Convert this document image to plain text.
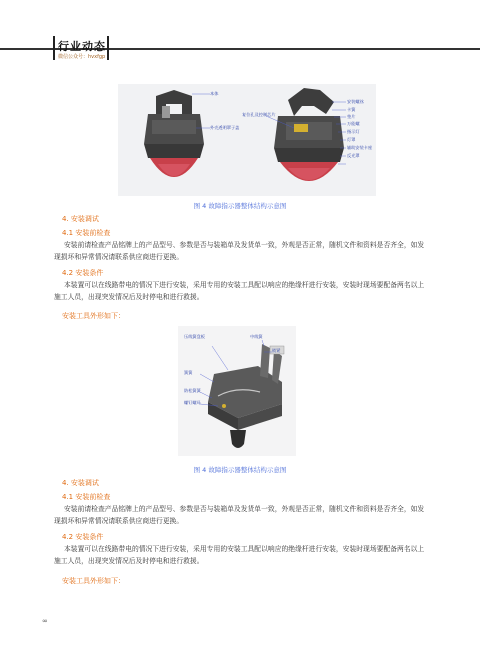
行业动态
微信公众号：hvxfgp
本体
外壳透明罩子盖
复位孔及控制芯片
安装螺丝
卡簧
垫片
万能螺
指示灯
灯罩
辅助安装卡座
反光罩
图 4 故障指示器整体结构示意图
4. 安装调试
4.1 安装前检查
安装前请检查产品铭牌上的产品型号、参数是否与装箱单及发货单一致，外观是否正常，随机文件和资料是否齐全，如发现损坏和异常情况请联系供应商进行更换。
4.2 安装条件
本装置可以在线路带电的情况下进行安装，采用专用的安装工具配以响应的绝缘杆进行安装，安装时现场要配备两名以上施工人员，出现突发情况后及时停电和进行救援。
安装工具外形如下：
压线簧盘板	中线簧
簧簧
防松簧簧
螺钉螺母
锁紧
图 4 故障指示器整体结构示意图
4. 安装调试
4.1 安装前检查
安装前请检查产品铭牌上的产品型号、参数是否与装箱单及发货单一致，外观是否正常，随机文件和资料是否齐全，如发现损坏和异常情况请联系供应商进行更换。
4.2 安装条件
本装置可以在线路带电的情况下进行安装，采用专用的安装工具配以响应的绝缘杆进行安装，安装时现场要配备两名以上施工人员，出现突发情况后及时停电和进行救援。
安装工具外形如下：
∞
